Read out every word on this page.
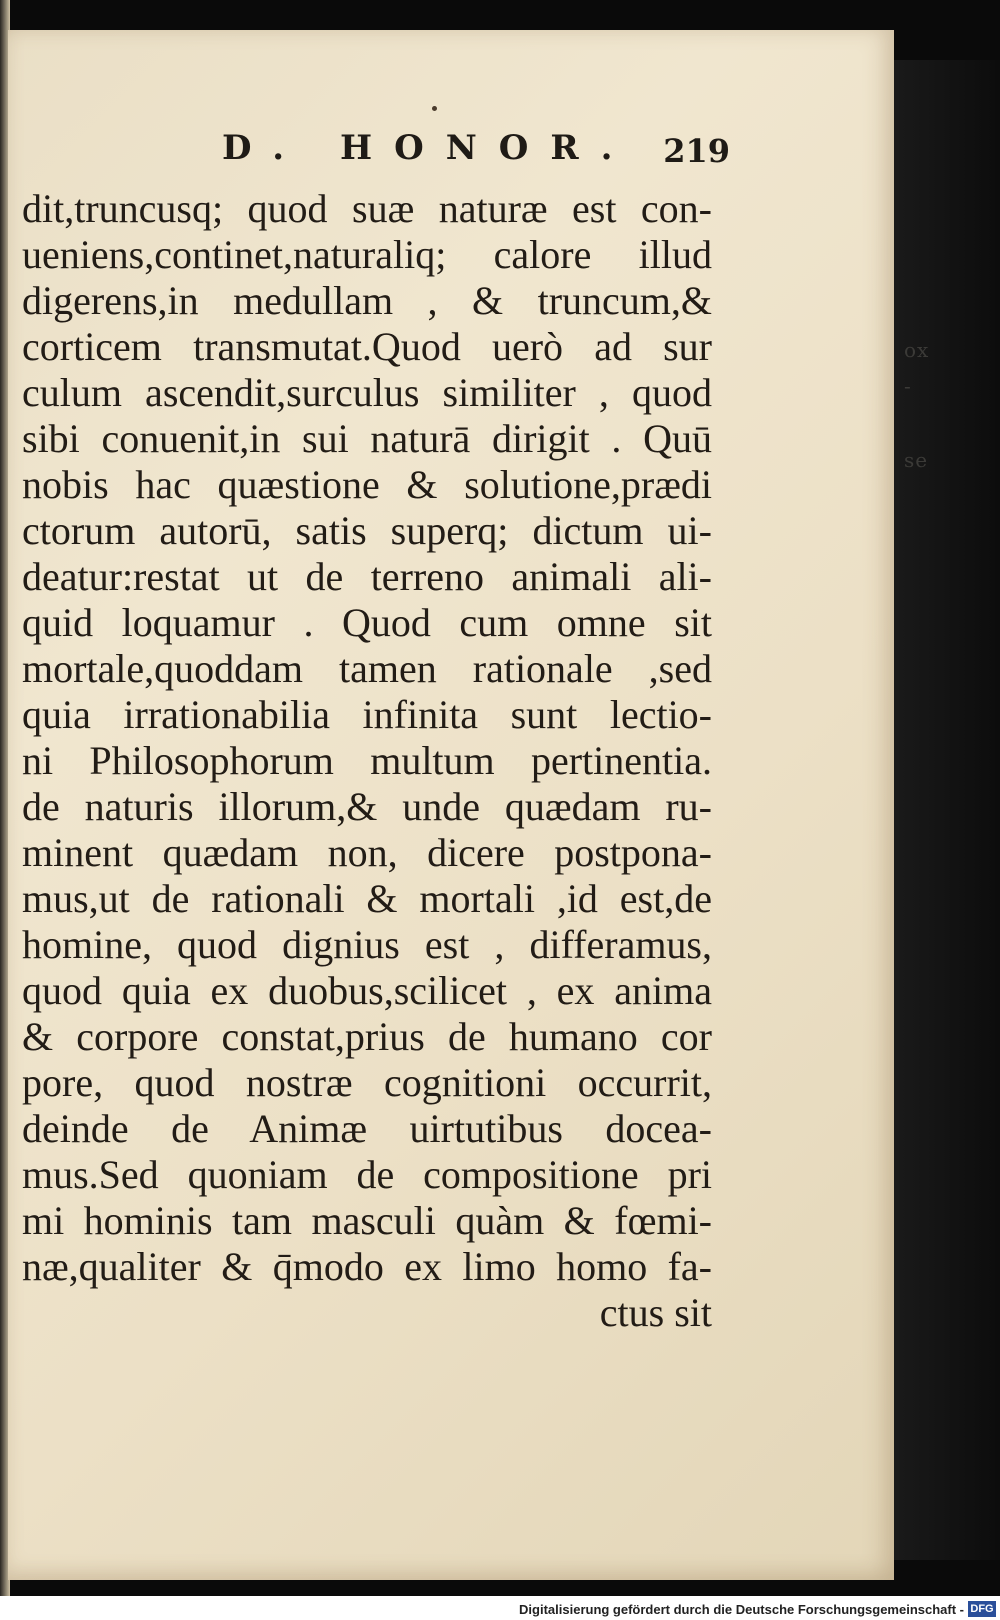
ox
-
se
D. HONOR. 219
dit,truncusq; quod suæ naturæ est con-
ueniens,continet,naturaliq; calore illud
digerens,in medullam , & truncum,&
corticem transmutat.Quod uerò ad sur
culum ascendit,surculus similiter , quod
sibi conuenit,in sui naturā dirigit . Quū
nobis hac quæstione & solutione,prædi
ctorum autorū, satis superq; dictum ui-
deatur:restat ut de terreno animali ali-
quid loquamur . Quod cum omne sit
mortale,quoddam tamen rationale ,sed
quia irrationabilia infinita sunt lectio-
ni Philosophorum multum pertinentia.
de naturis illorum,& unde quædam ru-
minent quædam non, dicere postpona-
mus,ut de rationali & mortali ,id est,de
homine, quod dignius est , differamus,
quod quia ex duobus,scilicet , ex anima
& corpore constat,prius de humano cor
pore, quod nostræ cognitioni occurrit,
deinde de Animæ uirtutibus docea-
mus.Sed quoniam de compositione pri
mi hominis tam masculi quàm & fœmi-
næ,qualiter & q̄modo ex limo homo fa-
ctus sit
Digitalisierung gefördert durch die Deutsche Forschungsgemeinschaft - DFG
